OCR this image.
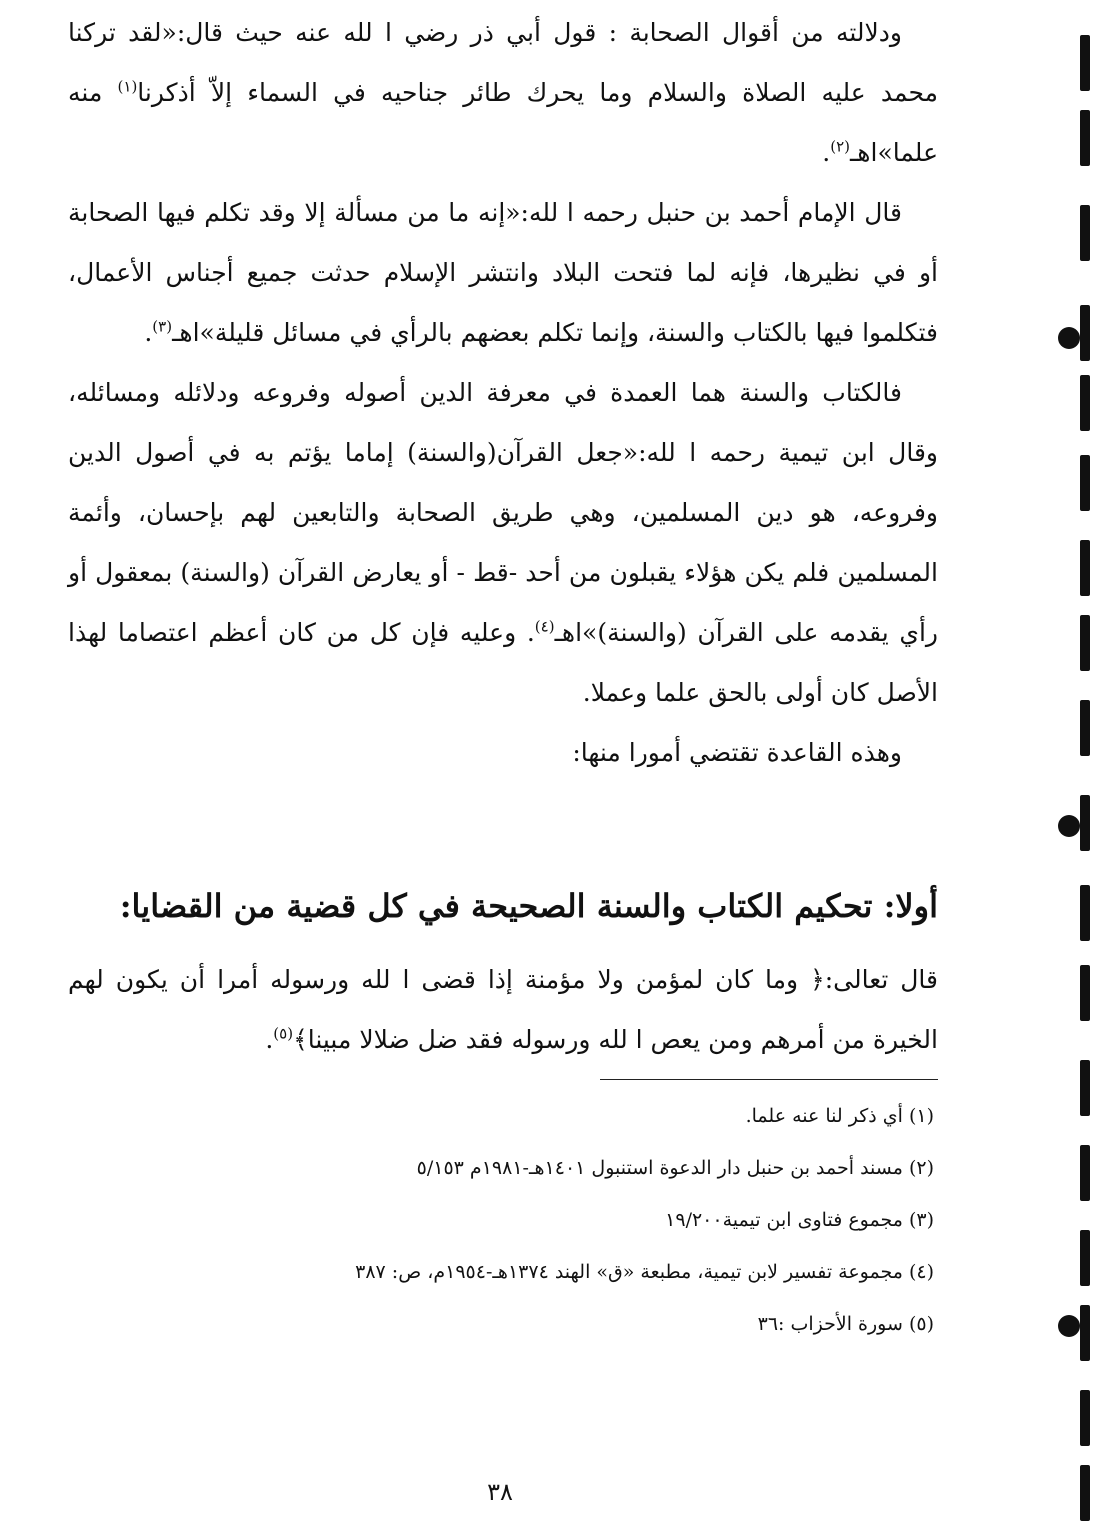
ودلالته من أقوال الصحابة : قول أبي ذر رضي ا لله عنه حيث قال:«لقد تركنا محمد عليه الصلاة والسلام وما يحرك طائر جناحيه في السماء إلاّ أذكرنا$^{(١)}$ منه علما»اهـ$^{(٢)}$.

قال الإمام أحمد بن حنبل رحمه ا لله:«إنه ما من مسألة إلا وقد تكلم فيها الصحابة أو في نظيرها، فإنه لما فتحت البلاد وانتشر الإسلام حدثت جميع أجناس الأعمال، فتكلموا فيها بالكتاب والسنة، وإنما تكلم بعضهم بالرأي في مسائل قليلة»اهـ$^{(٣)}$.

فالكتاب والسنة هما العمدة في معرفة الدين أصوله وفروعه ودلائله ومسائله، وقال ابن تيمية رحمه ا لله:«جعل القرآن(والسنة) إماما يؤتم به في أصول الدين وفروعه، هو دين المسلمين، وهي طريق الصحابة والتابعين لهم بإحسان، وأئمة المسلمين فلم يكن هؤلاء يقبلون من أحد -قط - أو يعارض القرآن (والسنة) بمعقول أو رأي يقدمه على القرآن (والسنة)»اهـ$^{(٤)}$. وعليه فإن كل من كان أعظم اعتصاما لهذا الأصل كان أولى بالحق علما وعملا.

وهذه القاعدة تقتضي أمورا منها:

أولا: تحكيم الكتاب والسنة الصحيحة في كل قضية من القضايا:

قال تعالى:﴿ وما كان لمؤمن ولا مؤمنة إذا قضى ا لله ورسوله أمرا أن يكون لهم الخيرة من أمرهم ومن يعص ا لله ورسوله فقد ضل ضلالا مبينا﴾$^{(٥)}$.

(١) أي ذكر لنا عنه علما.

(٢) مسند أحمد بن حنبل دار الدعوة استنبول ١٤٠١هـ-١٩٨١م ٥/١٥٣

(٣) مجموع فتاوى ابن تيمية١٩/٢٠٠

(٤) مجموعة تفسير لابن تيمية، مطبعة «ق» الهند ١٣٧٤هـ-١٩٥٤م، ص: ٣٨٧

(٥) سورة الأحزاب :٣٦

٣٨
